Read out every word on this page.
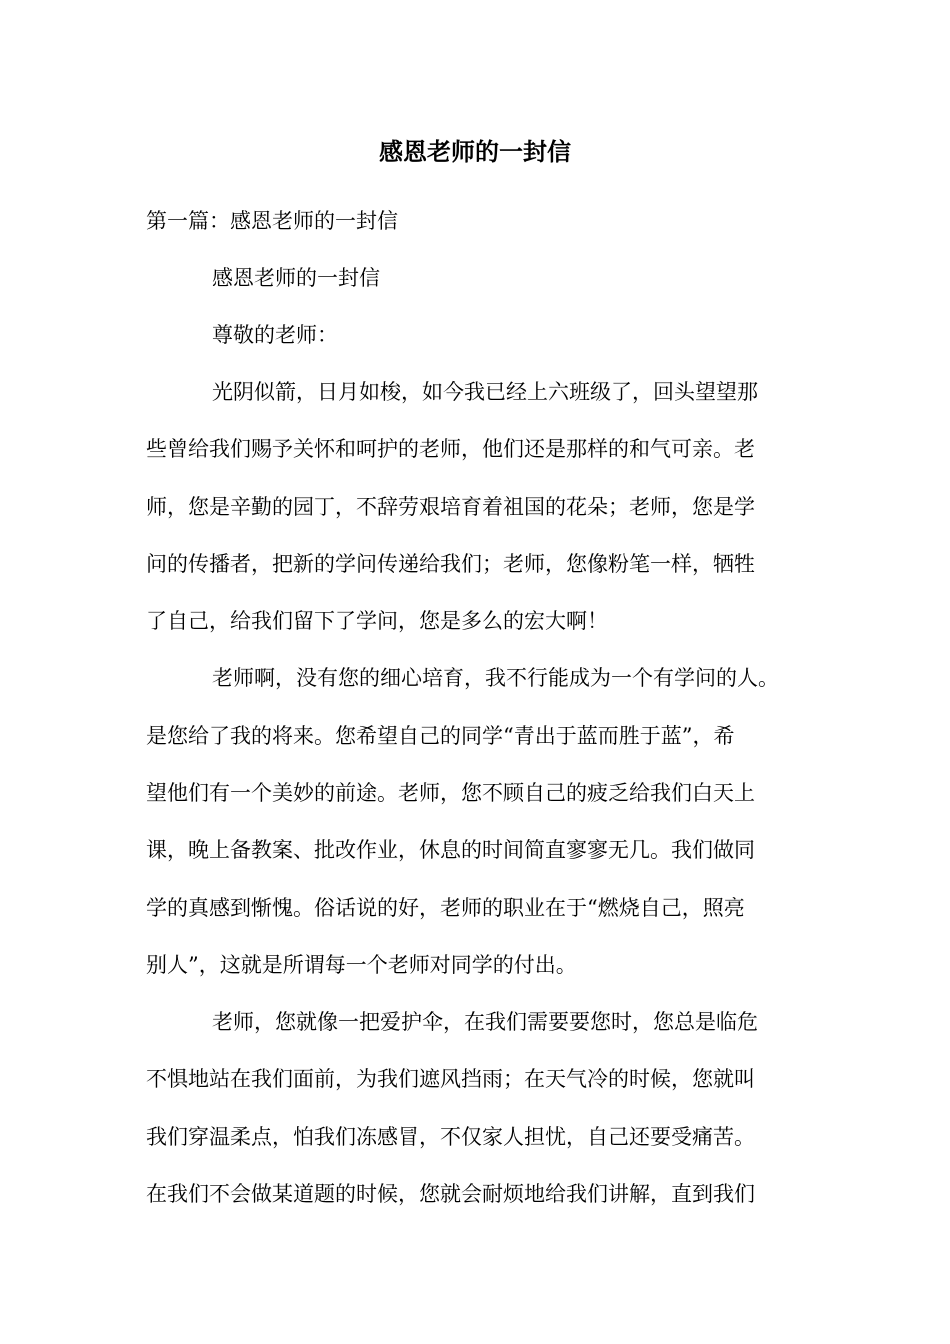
感恩老师的一封信
第一篇：感恩老师的一封信
感恩老师的一封信
尊敬的老师：
光阴似箭，日月如梭，如今我已经上六班级了，回头望望那
些曾给我们赐予关怀和呵护的老师，他们还是那样的和气可亲。老
师，您是辛勤的园丁，不辞劳艰培育着祖国的花朵；老师，您是学
问的传播者，把新的学问传递给我们；老师，您像粉笔一样，牺牲
了自己，给我们留下了学问，您是多么的宏大啊！
老师啊，没有您的细心培育，我不行能成为一个有学问的人。
是您给了我的将来。您希望自己的同学“青出于蓝而胜于蓝”，希
望他们有一个美妙的前途。老师，您不顾自己的疲乏给我们白天上
课，晚上备教案、批改作业，休息的时间简直寥寥无几。我们做同
学的真感到惭愧。俗话说的好，老师的职业在于“燃烧自己，照亮
别人”，这就是所谓每一个老师对同学的付出。
老师，您就像一把爱护伞，在我们需要要您时，您总是临危
不惧地站在我们面前，为我们遮风挡雨；在天气冷的时候，您就叫
我们穿温柔点，怕我们冻感冒，不仅家人担忧，自己还要受痛苦。
在我们不会做某道题的时候，您就会耐烦地给我们讲解，直到我们
